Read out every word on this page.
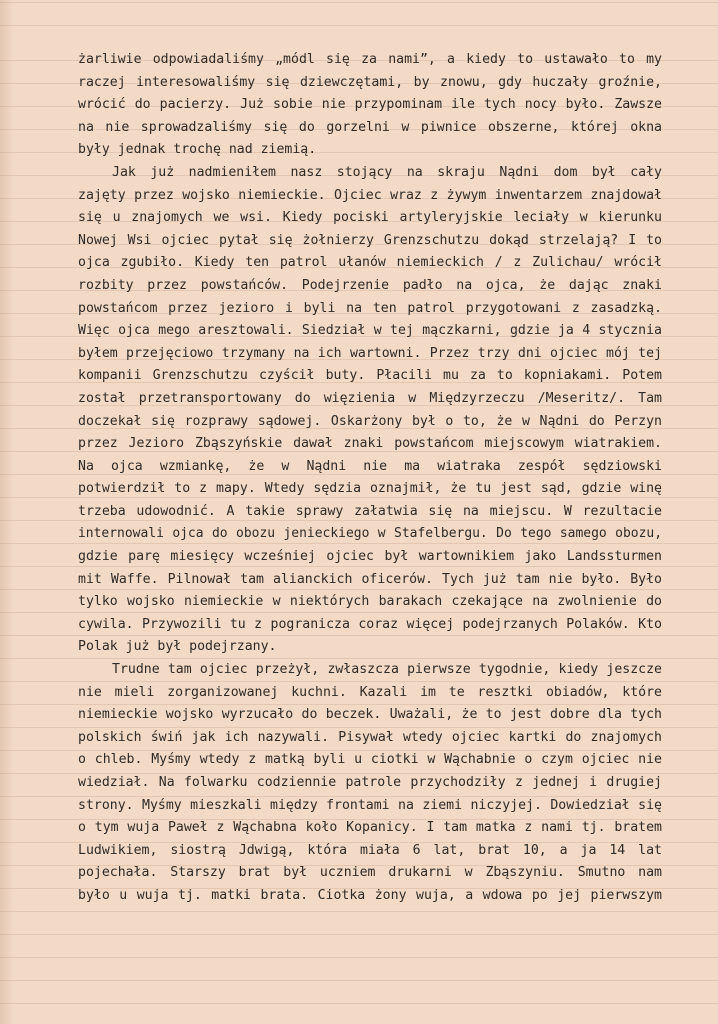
żarliwie odpowiadaliśmy „módl się za nami”, a kiedy to ustawało to my
raczej interesowaliśmy się dziewczętami, by znowu, gdy huczały groźnie,
wrócić do pacierzy. Już sobie nie przypominam ile tych nocy było. Zawsze
na nie sprowadzaliśmy się do gorzelni w piwnice obszerne, której okna
były jednak trochę nad ziemią.
Jak już nadmieniłem nasz stojący na skraju Nądni dom był cały
zajęty przez wojsko niemieckie. Ojciec wraz z żywym inwentarzem znajdował
się u znajomych we wsi. Kiedy pociski artyleryjskie leciały w kierunku
Nowej Wsi ojciec pytał się żołnierzy Grenzschutzu dokąd strzelają? I to
ojca zgubiło. Kiedy ten patrol ułanów niemieckich / z Zulichau/ wrócił
rozbity przez powstańców. Podejrzenie padło na ojca, że dając znaki
powstańcom przez jezioro i byli na ten patrol przygotowani z zasadzką.
Więc ojca mego aresztowali. Siedział w tej mączkarni, gdzie ja 4 stycznia
byłem przejęciowo trzymany na ich wartowni. Przez trzy dni ojciec mój tej
kompanii Grenzschutzu czyścił buty. Płacili mu za to kopniakami. Potem
został przetransportowany do więzienia w Międzyrzeczu /Meseritz/. Tam
doczekał się rozprawy sądowej. Oskarżony był o to, że w Nądni do Perzyn
przez Jezioro Zbąszyńskie dawał znaki powstańcom miejscowym wiatrakiem.
Na ojca wzmiankę, że w Nądni nie ma wiatraka zespół sędziowski
potwierdził to z mapy. Wtedy sędzia oznajmił, że tu jest sąd, gdzie winę
trzeba udowodnić. A takie sprawy załatwia się na miejscu. W rezultacie
internowali ojca do obozu jenieckiego w Stafelbergu. Do tego samego obozu,
gdzie parę miesięcy wcześniej ojciec był wartownikiem jako Landssturmen
mit Waffe. Pilnował tam alianckich oficerów. Tych już tam nie było. Było
tylko wojsko niemieckie w niektórych barakach czekające na zwolnienie do
cywila. Przywozili tu z pogranicza coraz więcej podejrzanych Polaków. Kto
Polak już był podejrzany.
Trudne tam ojciec przeżył, zwłaszcza pierwsze tygodnie, kiedy jeszcze
nie mieli zorganizowanej kuchni. Kazali im te resztki obiadów, które
niemieckie wojsko wyrzucało do beczek. Uważali, że to jest dobre dla tych
polskich świń jak ich nazywali. Pisywał wtedy ojciec kartki do znajomych
o chleb. Myśmy wtedy z matką byli u ciotki w Wąchabnie o czym ojciec nie
wiedział. Na folwarku codziennie patrole przychodziły z jednej i drugiej
strony. Myśmy mieszkali między frontami na ziemi niczyjej. Dowiedział się
o tym wuja Paweł z Wąchabna koło Kopanicy. I tam matka z nami tj. bratem
Ludwikiem, siostrą Jdwigą, która miała 6 lat, brat 10, a ja 14 lat
pojechała. Starszy brat był uczniem drukarni w Zbąszyniu. Smutno nam
było u wuja tj. matki brata. Ciotka żony wuja, a wdowa po jej pierwszym
